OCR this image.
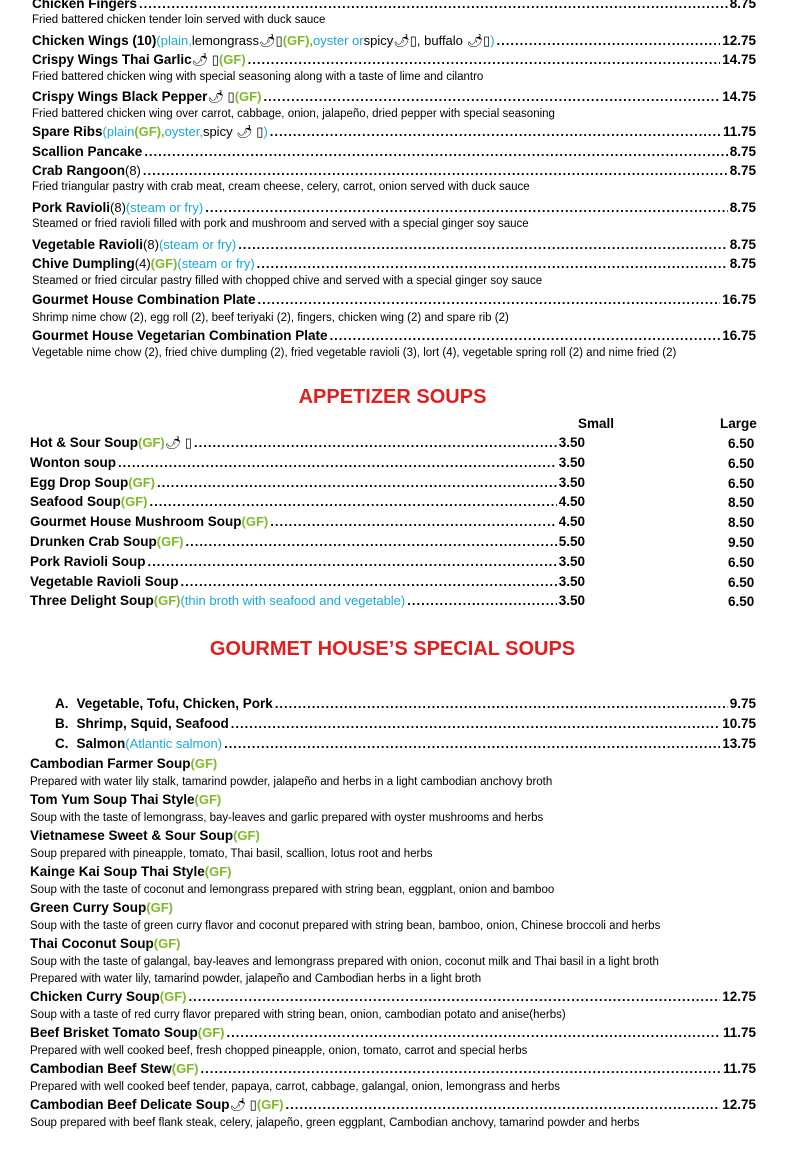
Chicken Fingers .....	8.75
Fried battered chicken tender loin served with duck sauce
Chicken Wings (10) (plain, lemongrass 🌶▯ (GF), oyster or spicy🌶▯, buffalo 🌶▯ ) .....	12.75
Crispy Wings Thai Garlic 🌶 ▯ (GF) .....	14.75
Fried battered chicken wing with special seasoning along with a taste of lime and cilantro
Crispy Wings Black Pepper 🌶 ▯ (GF) .....	14.75
Fried battered chicken wing over carrot, cabbage, onion, jalapeño, dried pepper with special seasoning
Spare Ribs (plain (GF), oyster, spicy 🌶 ▯ ) .....	11.75
Scallion Pancake .....	8.75
Crab Rangoon (8) .....	8.75
Fried triangular pastry with crab meat, cream cheese, celery, carrot, onion served with duck sauce
Pork Ravioli (8) (steam or fry) .....	8.75
Steamed or fried ravioli filled with pork and mushroom and served with a special ginger soy sauce
Vegetable Ravioli (8) (steam or fry) .....	8.75
Chive Dumpling (4) (GF) (steam or fry) .....	8.75
Steamed or fried circular pastry filled with chopped chive and served with a special ginger soy sauce
Gourmet House Combination Plate .....	16.75
Shrimp nime chow (2), egg roll (2), beef teriyaki (2), fingers, chicken wing (2) and spare rib (2)
Gourmet House Vegetarian Combination Plate .....	16.75
Vegetable nime chow (2), fried chive dumpling (2), fried vegetable ravioli (3), lort (4), vegetable spring roll (2) and nime fried (2)
Small	Large
Hot & Sour Soup (GF) 🌶 ▯ .....	3.50	6.50
Wonton soup .....	3.50	6.50
Egg Drop Soup (GF) .....	3.50	6.50
Seafood Soup (GF) .....	4.50	8.50
Gourmet House Mushroom Soup (GF) .....	4.50	8.50
Drunken Crab Soup (GF) .....	5.50	9.50
Pork Ravioli Soup .....	3.50	6.50
Vegetable Ravioli Soup .....	3.50	6.50
Three Delight Soup (GF) (thin broth with seafood and vegetable) .....	3.50	6.50
A. Vegetable, Tofu, Chicken, Pork .....	9.75
B. Shrimp, Squid, Seafood .....	10.75
C. Salmon (Atlantic salmon) .....	13.75
Cambodian Farmer Soup (GF)
Prepared with water lily stalk, tamarind powder, jalapeño and herbs in a light cambodian anchovy broth
Tom Yum Soup Thai Style (GF)
Soup with the taste of lemongrass, bay-leaves and garlic prepared with oyster mushrooms and herbs
Vietnamese Sweet & Sour Soup (GF)
Soup prepared with pineapple, tomato, Thai basil, scallion, lotus root and herbs
Kainge Kai Soup Thai Style (GF)
Soup with the taste of coconut and lemongrass prepared with string bean, eggplant, onion and bamboo
Green Curry Soup (GF)
Soup with the taste of green curry flavor and coconut prepared with string bean, bamboo, onion, Chinese broccoli and herbs
Thai Coconut Soup (GF)
Soup with the taste of galangal, bay-leaves and lemongrass prepared with onion, coconut milk and Thai basil in a light broth
Prepared with water lily, tamarind powder, jalapeño and Cambodian herbs in a light broth
Chicken Curry Soup (GF) .....	12.75
Soup with a taste of red curry flavor prepared with string bean, onion, cambodian potato and anise(herbs)
Beef Brisket Tomato Soup (GF) .....	11.75
Prepared with well cooked beef, fresh chopped pineapple, onion, tomato, carrot and special herbs
Cambodian Beef Stew (GF) .....	11.75
Prepared with well cooked beef tender, papaya, carrot, cabbage, galangal, onion, lemongrass and herbs
Cambodian Beef Delicate Soup 🌶 ▯ (GF) .....	12.75
Soup prepared with beef flank steak, celery, jalapeño, green eggplant, Cambodian anchovy, tamarind powder and herbs
APPETIZER SOUPS
GOURMET HOUSE’S SPECIAL SOUPS
